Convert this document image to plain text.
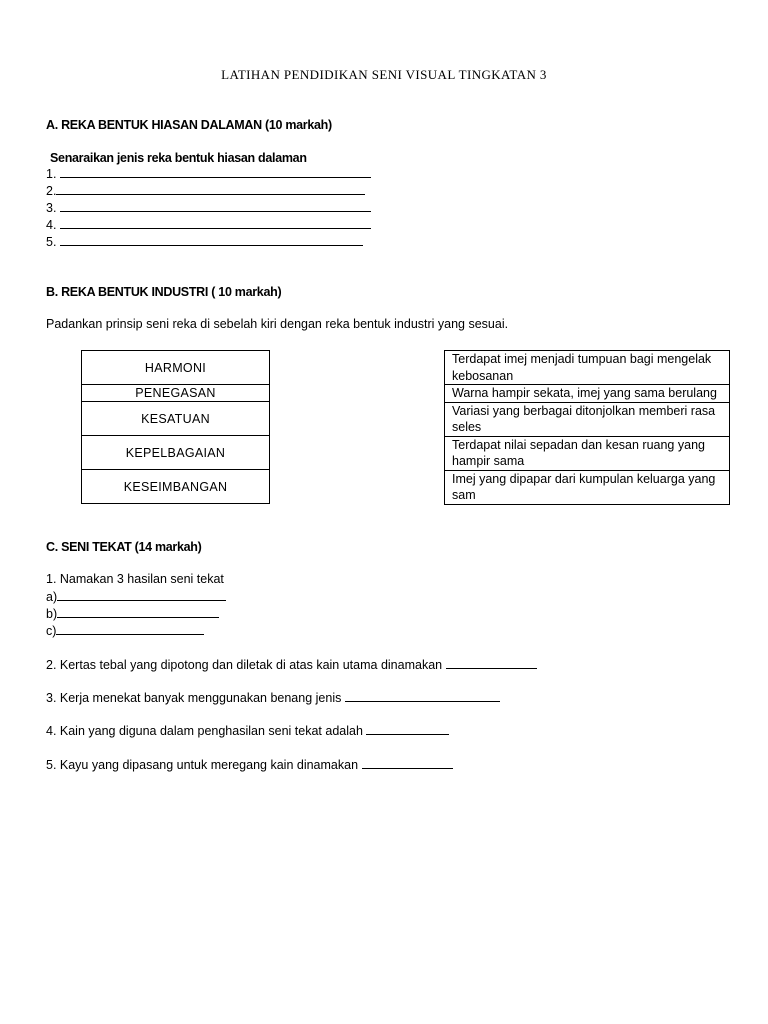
LATIHAN PENDIDIKAN SENI VISUAL TINGKATAN 3
A. REKA BENTUK HIASAN DALAMAN (10 markah)
Senaraikan jenis reka bentuk hiasan dalaman
1.
2.
3.
4.
5.
B. REKA BENTUK INDUSTRI ( 10 markah)
Padankan prinsip seni reka di sebelah kiri dengan reka bentuk industri yang sesuai.
HARMONI
PENEGASAN
KESATUAN
KEPELBAGAIAN
KESEIMBANGAN
Terdapat imej menjadi tumpuan bagi mengelak kebosanan
Warna hampir sekata, imej yang sama berulang
Variasi yang berbagai ditonjolkan memberi rasa seles
Terdapat nilai sepadan dan kesan ruang yang hampir sama
Imej yang dipapar dari kumpulan keluarga yang sam
C. SENI TEKAT (14 markah)
1. Namakan 3 hasilan seni tekat
a)
b)
c)
2. Kertas tebal yang dipotong dan diletak di atas kain utama dinamakan
3. Kerja menekat banyak menggunakan benang jenis
4. Kain yang diguna dalam penghasilan seni tekat adalah
5. Kayu yang dipasang untuk meregang kain dinamakan
